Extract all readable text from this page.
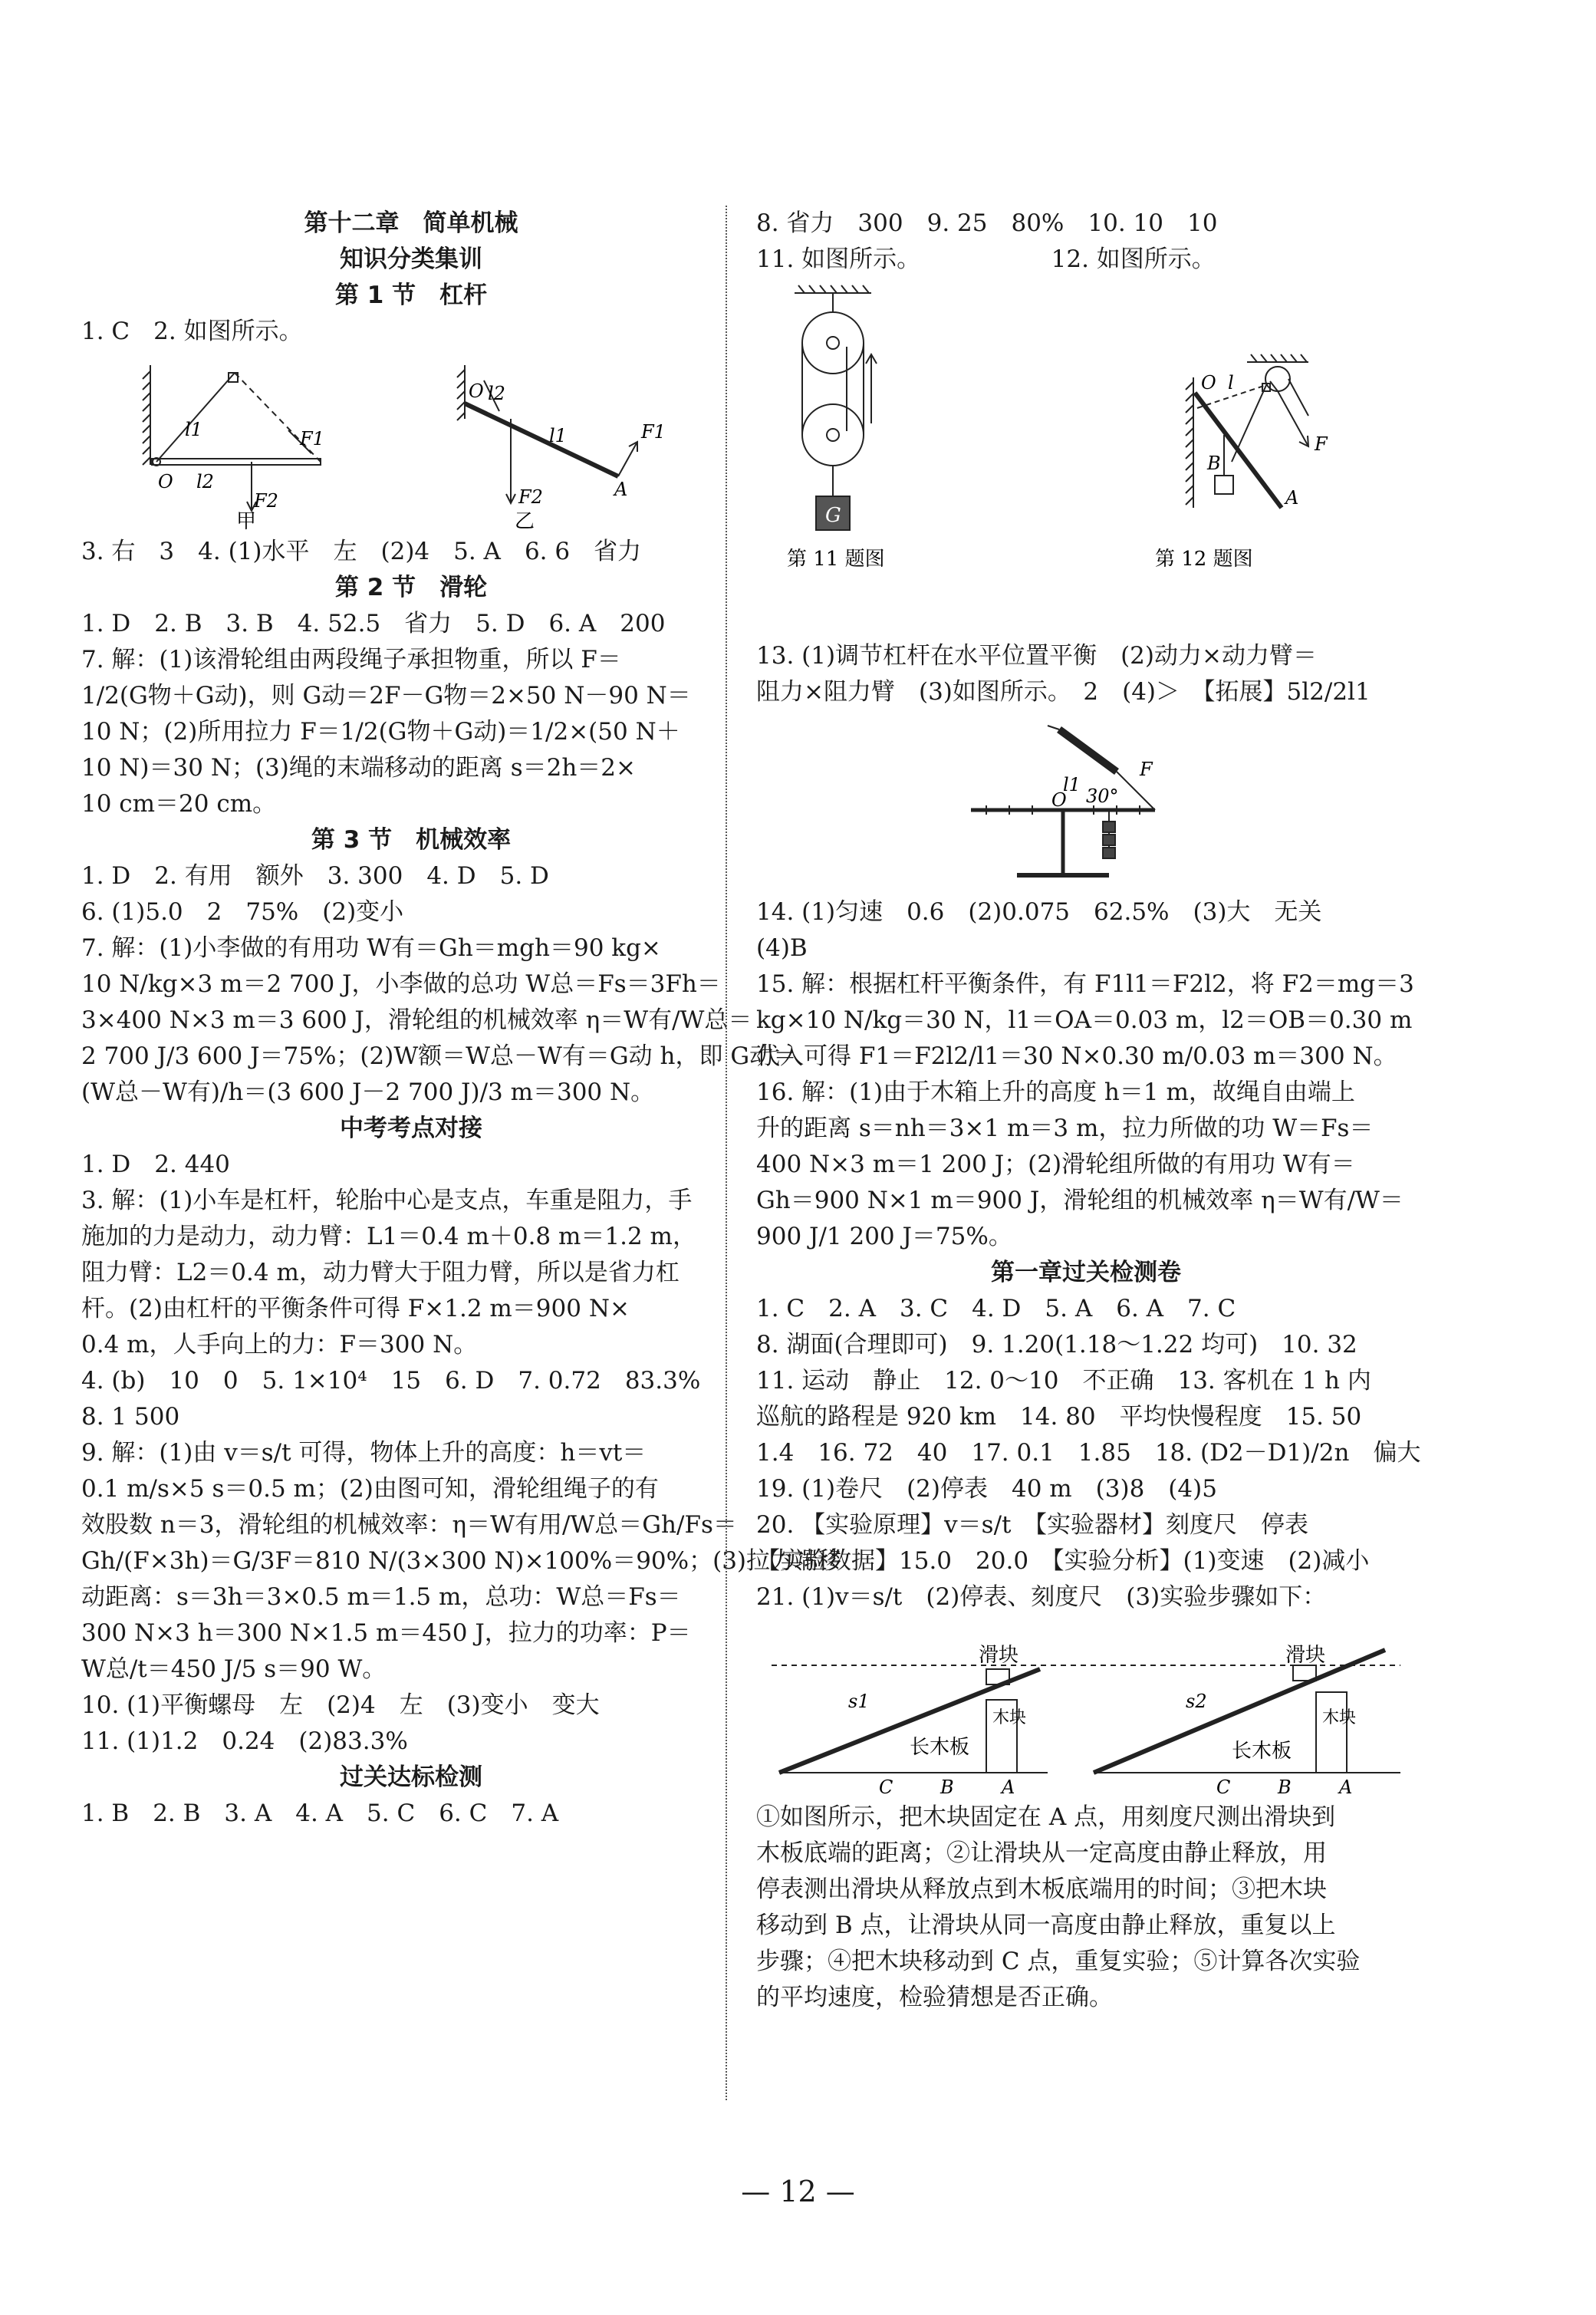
第十二章　简单机械
知识分类集训
第 1 节　杠杆
1. C　2. 如图所示。
O
l1
l2
F1
F2
O l2
l1	F1
F2	A
甲	乙
3. 右　3　4. (1)水平　左　(2)4　5. A　6. 6　省力
第 2 节　滑轮
1. D　2. B　3. B　4. 52.5　省力　5. D　6. A　200
7. 解：(1)该滑轮组由两段绳子承担物重，所以 F＝
1/2(G物＋G动)，则 G动＝2F－G物＝2×50 N－90 N＝
10 N；(2)所用拉力 F＝1/2(G物＋G动)＝1/2×(50 N＋
10 N)＝30 N；(3)绳的末端移动的距离 s＝2h＝2×
10 cm＝20 cm。
第 3 节　机械效率
1. D　2. 有用　额外　3. 300　4. D　5. D
6. (1)5.0　2　75%　(2)变小
7. 解：(1)小李做的有用功 W有＝Gh＝mgh＝90 kg×
10 N/kg×3 m＝2 700 J，小李做的总功 W总＝Fs＝3Fh＝
3×400 N×3 m＝3 600 J，滑轮组的机械效率 η＝W有/W总＝
2 700 J/3 600 J＝75%；(2)W额＝W总－W有＝G动 h，即 G动＝
(W总－W有)/h＝(3 600 J－2 700 J)/3 m＝300 N。
中考考点对接
1. D　2. 440
3. 解：(1)小车是杠杆，轮胎中心是支点，车重是阻力，手
施加的力是动力，动力臂：L1＝0.4 m＋0.8 m＝1.2 m，
阻力臂：L2＝0.4 m，动力臂大于阻力臂，所以是省力杠
杆。(2)由杠杆的平衡条件可得 F×1.2 m＝900 N×
0.4 m，人手向上的力：F＝300 N。
4. (b)　10　0　5. 1×10⁴　15　6. D　7. 0.72　83.3%
8. 1 500
9. 解：(1)由 v＝s/t 可得，物体上升的高度：h＝vt＝
0.1 m/s×5 s＝0.5 m；(2)由图可知，滑轮组绳子的有
效股数 n＝3，滑轮组的机械效率：η＝W有用/W总＝Gh/Fs＝
Gh/(F×3h)＝G/3F＝810 N/(3×300 N)×100%＝90%；(3)拉力端移
动距离：s＝3h＝3×0.5 m＝1.5 m，总功：W总＝Fs＝
300 N×3 h＝300 N×1.5 m＝450 J，拉力的功率：P＝
W总/t＝450 J/5 s＝90 W。
10. (1)平衡螺母　左　(2)4　左　(3)变小　变大
11. (1)1.2　0.24　(2)83.3%
过关达标检测
1. B　2. B　3. A　4. A　5. C　6. C　7. A
8. 省力　300　9. 25　80%　10. 10　10
11. 如图所示。　　　　　　12. 如图所示。
G
O l
B
A
F
第 11 题图	第 12 题图
13. (1)调节杠杆在水平位置平衡　(2)动力×动力臂＝
阻力×阻力臂　(3)如图所示。　2　(4)＞　【拓展】5l2/2l1
O
l1
F
30°
14. (1)匀速　0.6　(2)0.075　62.5%　(3)大　无关
(4)B
15. 解：根据杠杆平衡条件，有 F1l1＝F2l2，将 F2＝mg＝3
kg×10 N/kg＝30 N，l1＝OA＝0.03 m，l2＝OB＝0.30 m
代入可得 F1＝F2l2/l1＝30 N×0.30 m/0.03 m＝300 N。
16. 解：(1)由于木箱上升的高度 h＝1 m，故绳自由端上
升的距离 s＝nh＝3×1 m＝3 m，拉力所做的功 W＝Fs＝
400 N×3 m＝1 200 J；(2)滑轮组所做的有用功 W有＝
Gh＝900 N×1 m＝900 J，滑轮组的机械效率 η＝W有/W＝
900 J/1 200 J＝75%。
第一章过关检测卷
1. C　2. A　3. C　4. D　5. A　6. A　7. C
8. 湖面(合理即可)　9. 1.20(1.18～1.22 均可)　10. 32
11. 运动　静止　12. 0～10　不正确　13. 客机在 1 h 内
巡航的路程是 920 km　14. 80　平均快慢程度　15. 50
1.4　16. 72　40　17. 0.1　1.85　18. (D2－D1)/2n　偏大
19. (1)卷尺　(2)停表　40 m　(3)8　(4)5
20. 【实验原理】v＝s/t　【实验器材】刻度尺　停表
【实验数据】15.0　20.0　【实验分析】(1)变速　(2)减小
21. (1)v＝s/t　(2)停表、刻度尺　(3)实验步骤如下：
滑块
长木板
木块
s1
滑块
长木板
木块
s2
C	B	A	C	B	A
①如图所示，把木块固定在 A 点，用刻度尺测出滑块到
木板底端的距离；②让滑块从一定高度由静止释放，用
停表测出滑块从释放点到木板底端用的时间；③把木块
移动到 B 点，让滑块从同一高度由静止释放，重复以上
步骤；④把木块移动到 C 点，重复实验；⑤计算各次实验
的平均速度，检验猜想是否正确。
— 12 —
